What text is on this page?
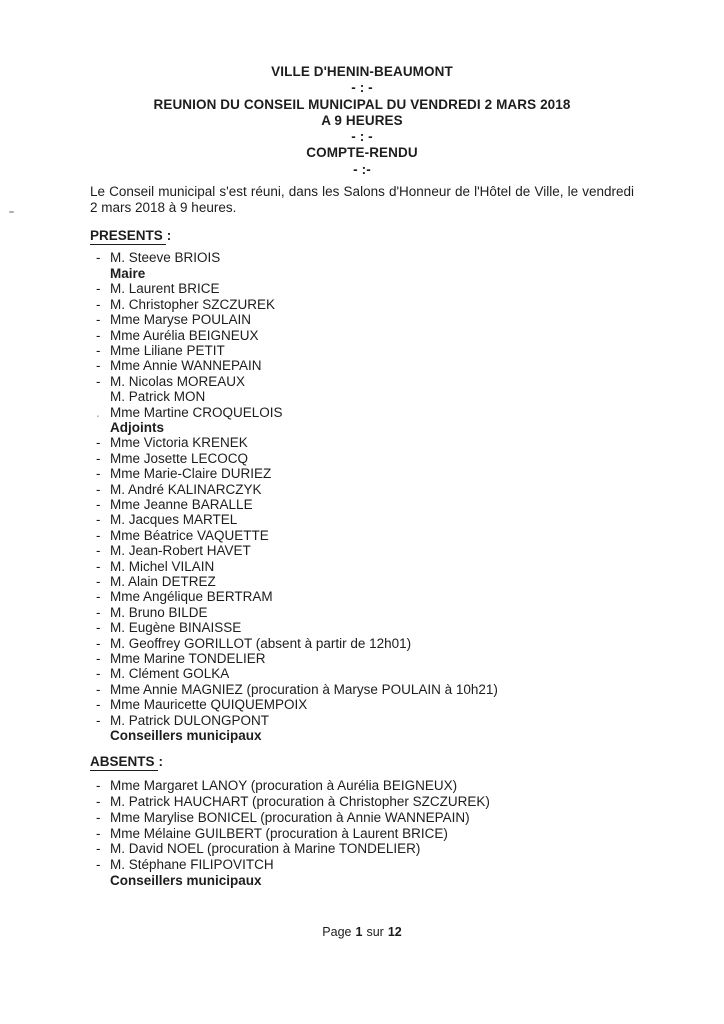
VILLE D'HENIN-BEAUMONT
- : -
REUNION DU CONSEIL MUNICIPAL DU VENDREDI 2 MARS 2018
A 9 HEURES
- : -
COMPTE-RENDU
- :-

Le Conseil municipal s'est réuni, dans les Salons d'Honneur de l'Hôtel de Ville, le vendredi 2 mars 2018 à 9 heures.

PRESENTS :
- M. Steeve BRIOIS
Maire
- M. Laurent BRICE
- M. Christopher SZCZUREK
- Mme Maryse POULAIN
- Mme Aurélia BEIGNEUX
- Mme Liliane PETIT
- Mme Annie WANNEPAIN
- M. Nicolas MOREAUX
M. Patrick MON
. Mme Martine CROQUELOIS
Adjoints
- Mme Victoria KRENEK
- Mme Josette LECOCQ
- Mme Marie-Claire DURIEZ
- M. André KALINARCZYK
- Mme Jeanne BARALLE
- M. Jacques MARTEL
- Mme Béatrice VAQUETTE
- M. Jean-Robert HAVET
- M. Michel VILAIN
- M. Alain DETREZ
- Mme Angélique BERTRAM
- M. Bruno BILDE
- M. Eugène BINAISSE
- M. Geoffrey GORILLOT (absent à partir de 12h01)
- Mme Marine TONDELIER
- M. Clément GOLKA
- Mme Annie MAGNIEZ (procuration à Maryse POULAIN à 10h21)
- Mme Mauricette QUIQUEMPOIX
- M. Patrick DULONGPONT
Conseillers municipaux
ABSENTS :
- Mme Margaret LANOY (procuration à Aurélia BEIGNEUX)
- M. Patrick HAUCHART (procuration à Christopher SZCZUREK)
- Mme Marylise BONICEL (procuration à Annie WANNEPAIN)
- Mme Mélaine GUILBERT (procuration à Laurent BRICE)
- M. David NOEL (procuration à Marine TONDELIER)
- M. Stéphane FILIPOVITCH
Conseillers municipaux
Page 1 sur 12
